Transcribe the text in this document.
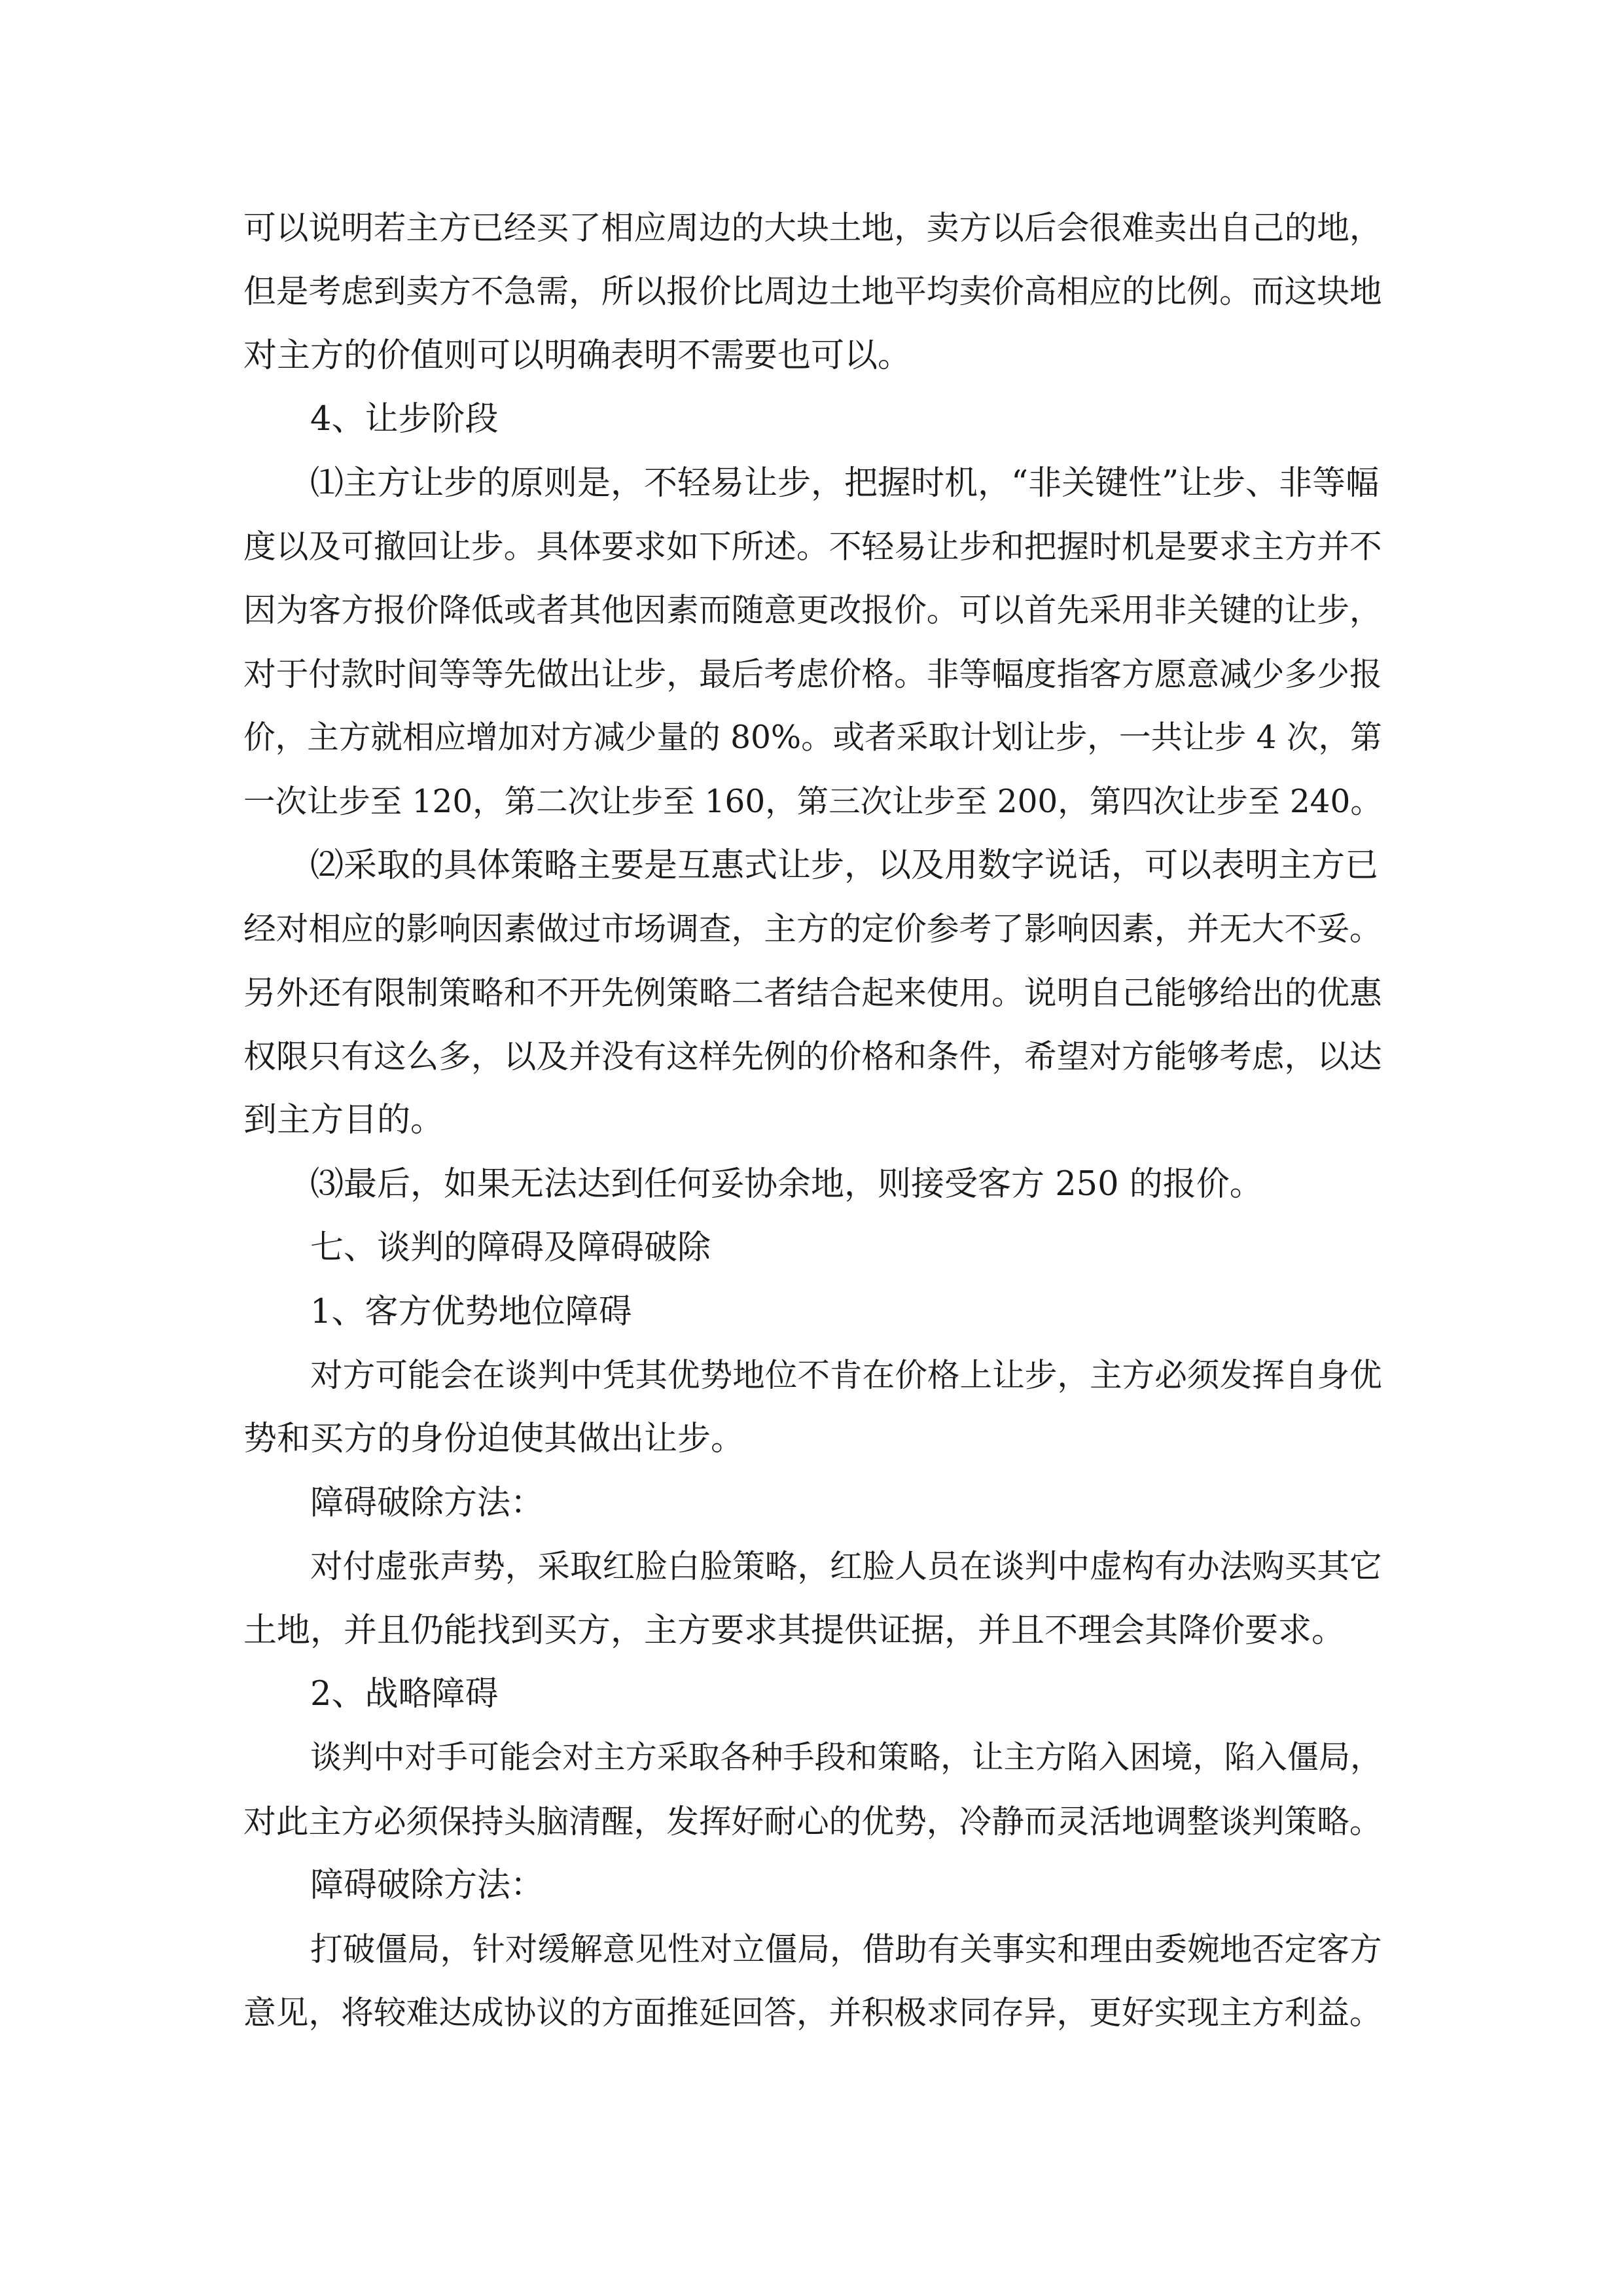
可以说明若主方已经买了相应周边的大块土地，卖方以后会很难卖出自己的地，
但是考虑到卖方不急需，所以报价比周边土地平均卖价高相应的比例。而这块地
对主方的价值则可以明确表明不需要也可以。
4、让步阶段
⑴主方让步的原则是，不轻易让步，把握时机，“非关键性”让步、非等幅
度以及可撤回让步。具体要求如下所述。不轻易让步和把握时机是要求主方并不
因为客方报价降低或者其他因素而随意更改报价。可以首先采用非关键的让步，
对于付款时间等等先做出让步，最后考虑价格。非等幅度指客方愿意减少多少报
价，主方就相应增加对方减少量的 80%。或者采取计划让步，一共让步 4 次，第
一次让步至 120，第二次让步至 160，第三次让步至 200，第四次让步至 240。
⑵采取的具体策略主要是互惠式让步，以及用数字说话，可以表明主方已
经对相应的影响因素做过市场调查，主方的定价参考了影响因素，并无大不妥。
另外还有限制策略和不开先例策略二者结合起来使用。说明自己能够给出的优惠
权限只有这么多，以及并没有这样先例的价格和条件，希望对方能够考虑，以达
到主方目的。
⑶最后，如果无法达到任何妥协余地，则接受客方 250 的报价。
七、谈判的障碍及障碍破除
1、客方优势地位障碍
对方可能会在谈判中凭其优势地位不肯在价格上让步，主方必须发挥自身优
势和买方的身份迫使其做出让步。
障碍破除方法：
对付虚张声势，采取红脸白脸策略，红脸人员在谈判中虚构有办法购买其它
土地，并且仍能找到买方，主方要求其提供证据，并且不理会其降价要求。
2、战略障碍
谈判中对手可能会对主方采取各种手段和策略，让主方陷入困境，陷入僵局，
对此主方必须保持头脑清醒，发挥好耐心的优势，冷静而灵活地调整谈判策略。
障碍破除方法：
打破僵局，针对缓解意见性对立僵局，借助有关事实和理由委婉地否定客方
意见，将较难达成协议的方面推延回答，并积极求同存异，更好实现主方利益。
